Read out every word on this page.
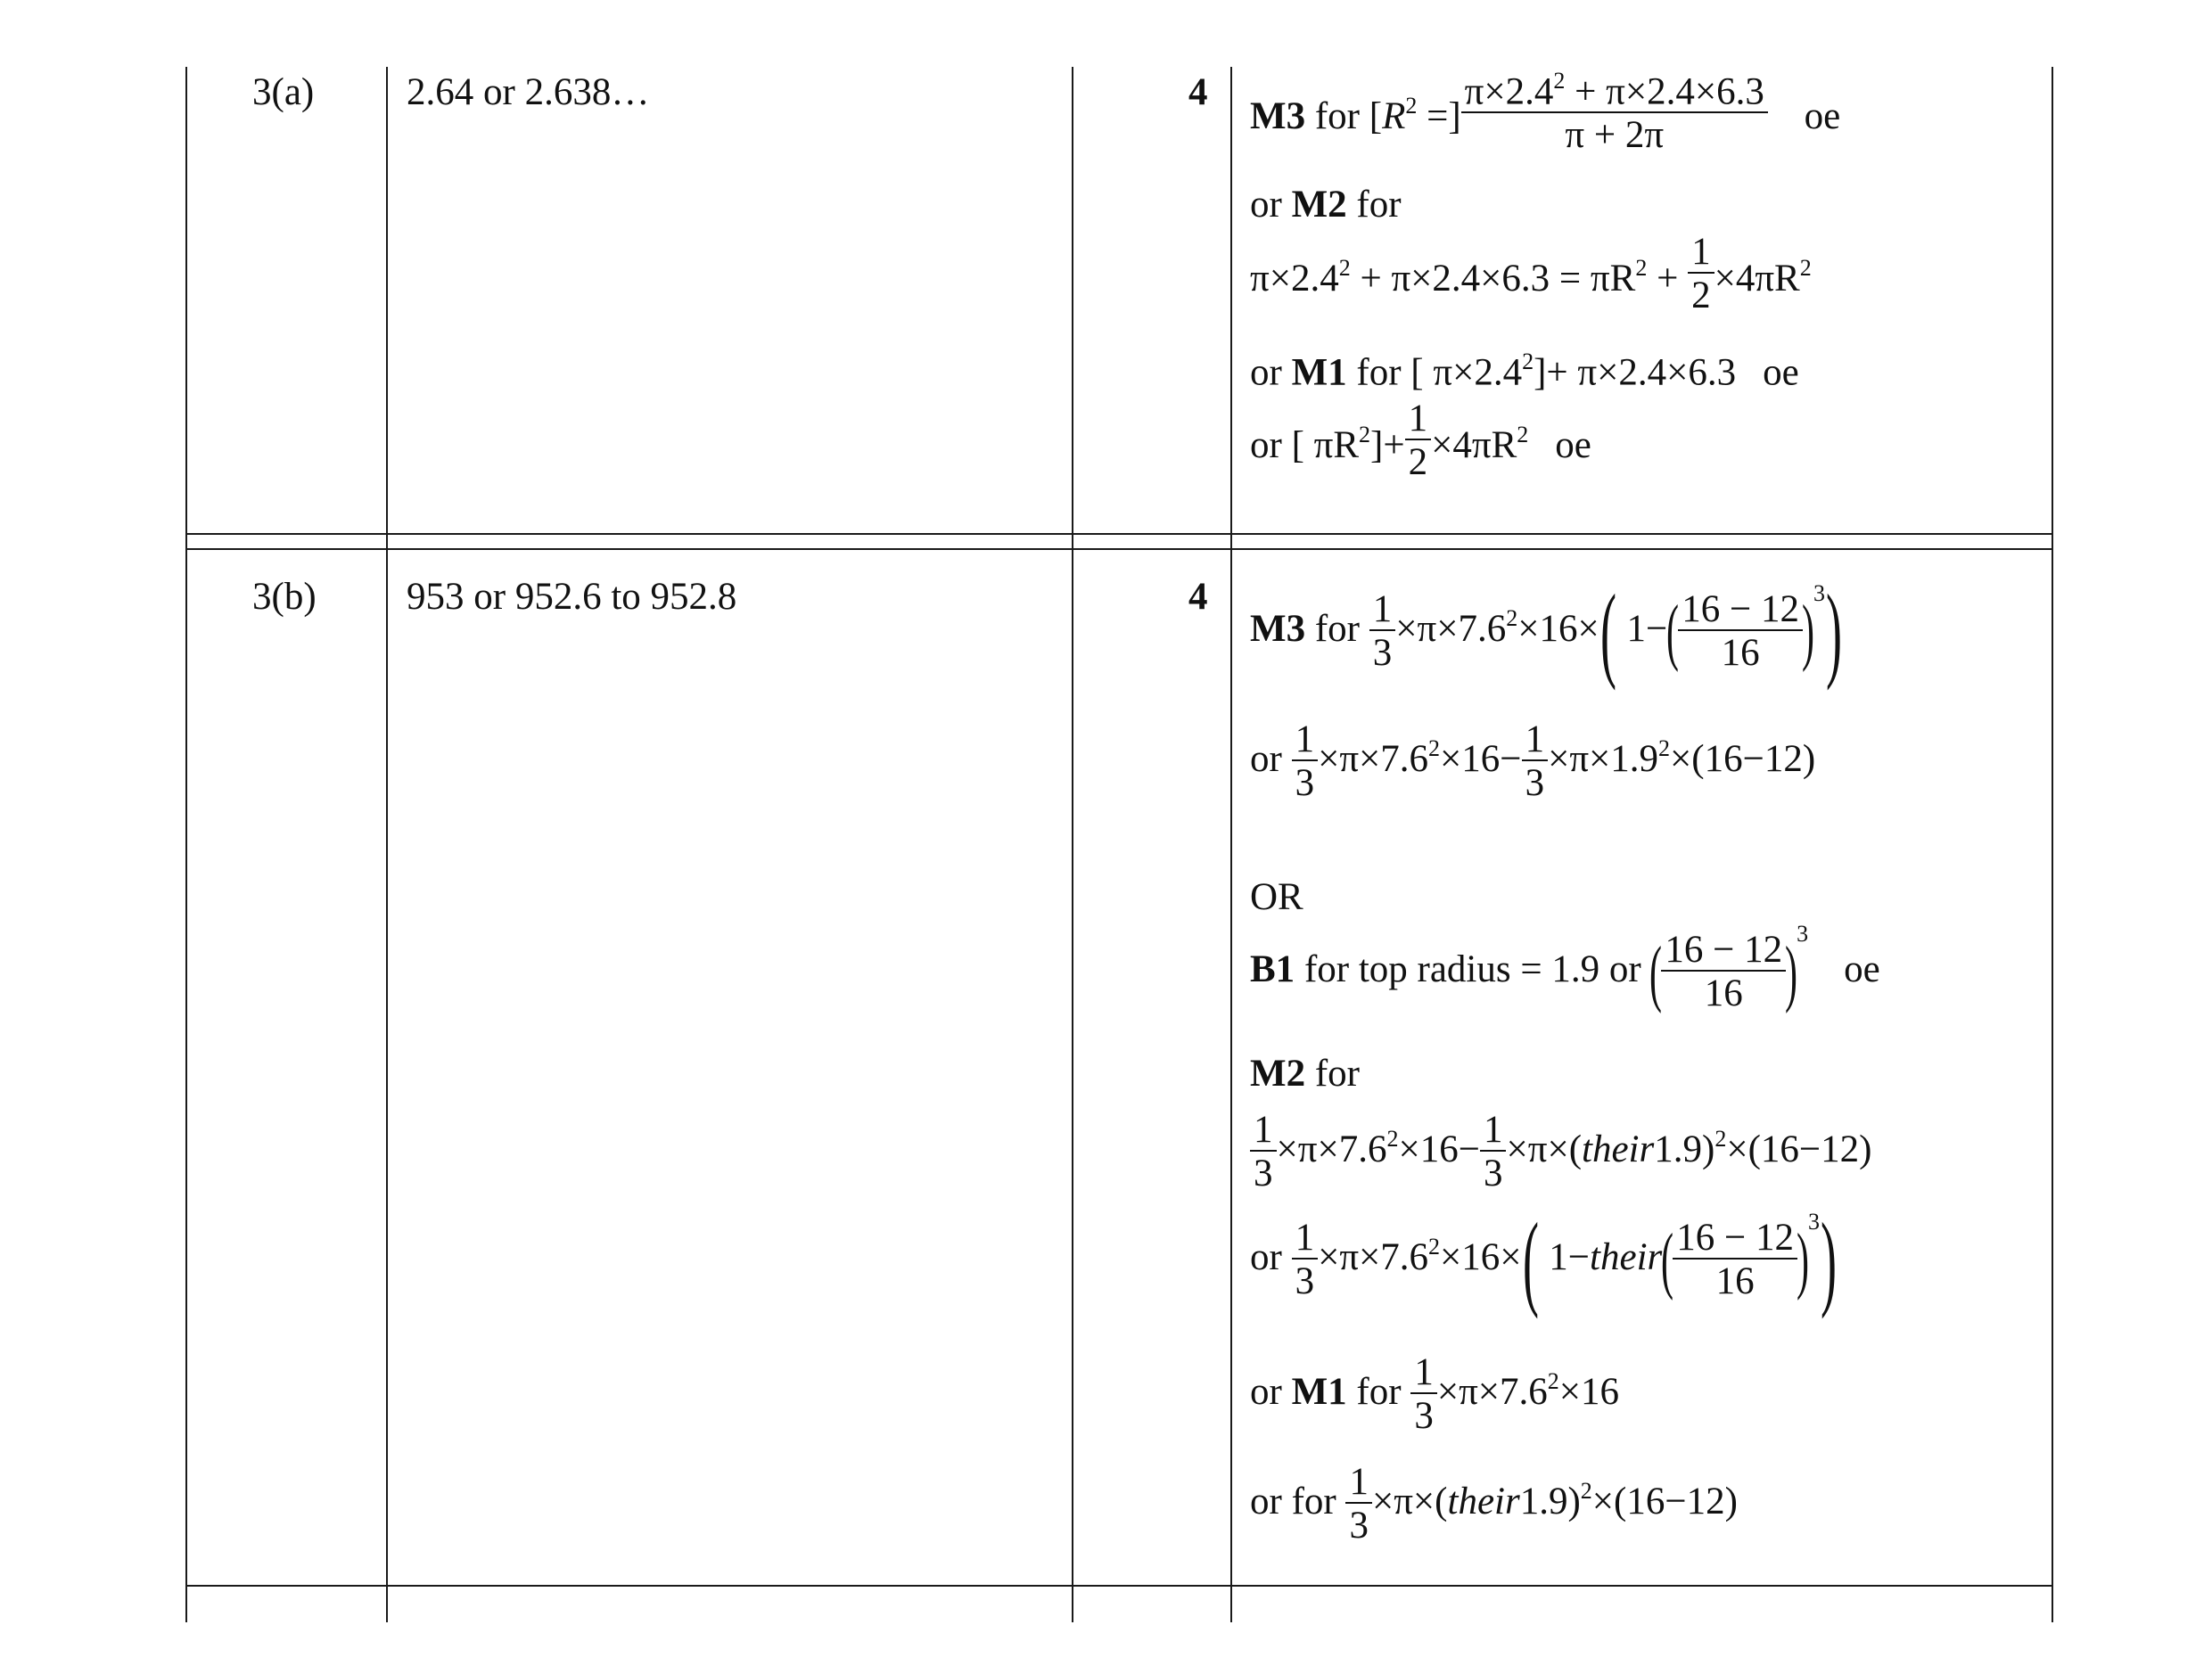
3(a) 2.64 or 2.638…	4
M3 for [$R^2$ =] $\frac{\pi\times 2.4^2 + \pi\times 2.4\times 6.3}{\pi + 2\pi}$ oe
or M2 for
$\pi\times 2.4^2 + \pi\times 2.4\times 6.3 = \pi R^2 + \frac{1}{2} \times 4\pi R^2$
or M1 for [ $\pi\times 2.4^2]+ \pi\times 2.4\times 6.3$ oe
or [ $\pi R^2]+ \frac{1}{2} \times 4\pi R^2$ oe
3(b) 953 or 952.6 to 952.8	4
M3 for $\frac{1}{3} \times\pi\times 7.6^2\times 16\times$( 1−(
$\frac{16 - 12}{16}$
)$^3$)
or $\frac{1}{3} \times\pi\times 7.6^2\times 16- \frac{1}{3} \times\pi\times 1.9^2\times(16-12)$
OR
B1 for top radius = 1.9 or (
$\frac{16 - 12}{16}$
)$^3$oe
M2 for
$\frac{1}{3} \times\pi\times 7.6^2\times 16- \frac{1}{3}$ ×π×(their1.9)$^2$×(16−12)
or $\frac{1}{3} \times\pi\times 7.6^2\times 16\times$( 1−their(
$\frac{16 - 12}{16}$
)$^3$)
or M1 for $\frac{1}{3} \times\pi\times 7.6^2\times 16$
or for $\frac{1}{3}$ ×π×(their1.9)$^2$×(16−12)
